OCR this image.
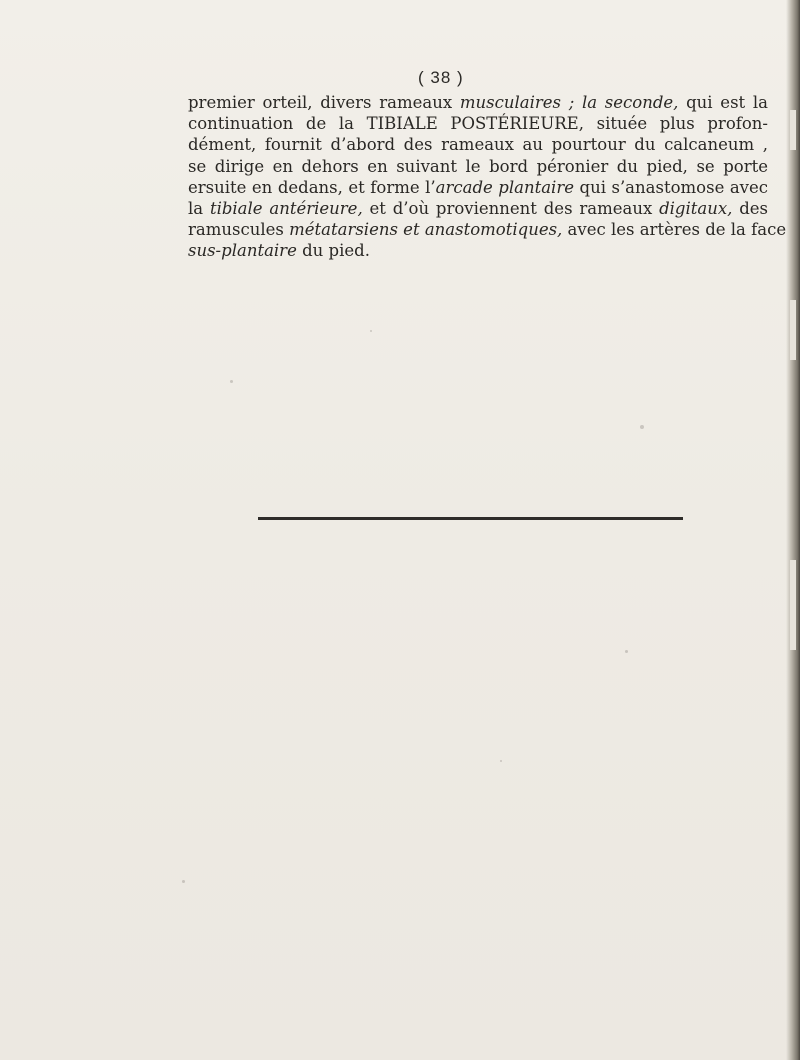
( 38 )
premier orteil, divers rameaux musculaires ; la seconde, qui est la
continuation de la TIBIALE POSTÉRIEURE, située plus profon-
dément, fournit d’abord des rameaux au pourtour du calcaneum ,
se dirige en dehors en suivant le bord péronier du pied, se porte
ersuite en dedans, et forme l’arcade plantaire qui s’anastomose avec
la tibiale antérieure, et d’où proviennent des rameaux digitaux, des
ramuscules métatarsiens et anastomotiques, avec les artères de la face
sus-plantaire du pied.
